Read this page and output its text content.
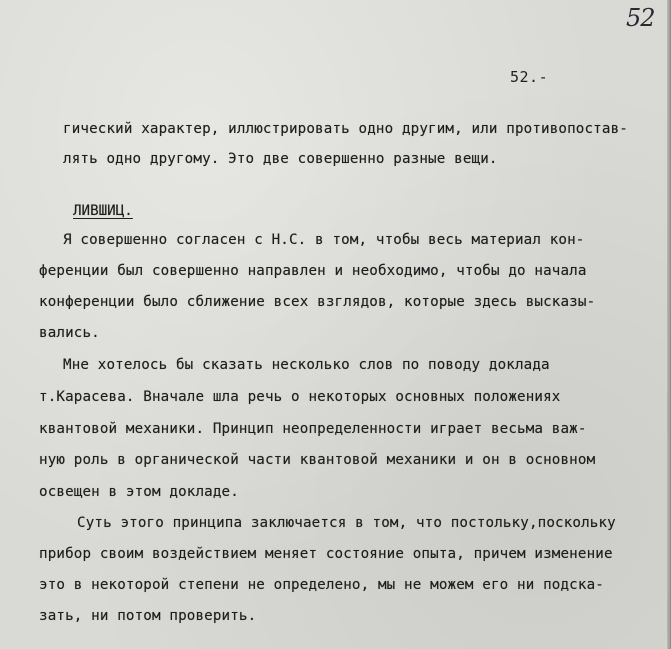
52
52.-
гический характер, иллюстрировать одно другим, или противопостав-
лять одно другому. Это две совершенно разные вещи.
ЛИВШИЦ.
Я совершенно согласен с Н.С. в том, чтобы весь материал кон-
ференции был совершенно направлен и необходимо, чтобы до начала
конференции было сближение всех взглядов, которые здесь высказы-
вались.
Мне хотелось бы сказать несколько слов по поводу доклада
т.Карасева. Вначале шла речь о некоторых основных положениях
квантовой механики. Принцип неопределенности играет весьма важ-
ную роль в органической части квантовой механики и он в основном
освещен в этом докладе.
Суть этого принципа заключается в том, что постольку,поскольку
прибор своим воздействием меняет состояние опыта, причем изменение
это в некоторой степени не определено, мы не можем его ни подска-
зать, ни потом проверить.
